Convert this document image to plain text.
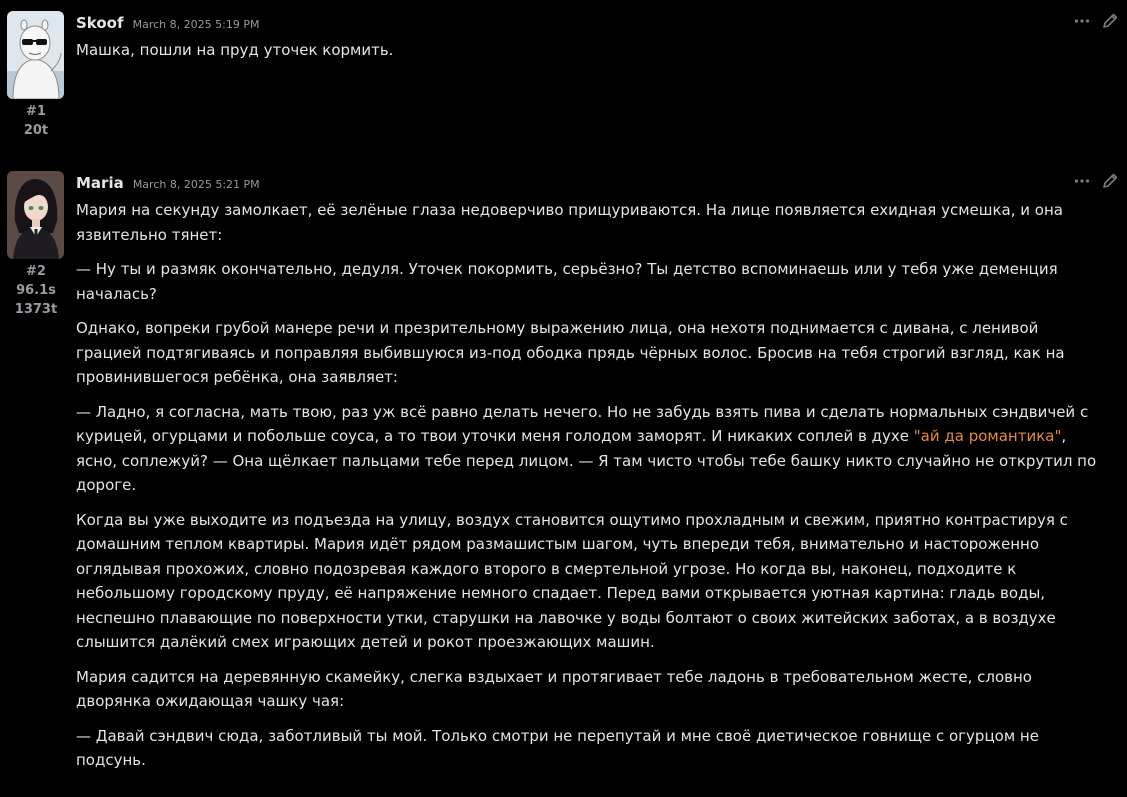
#1
20t
Skoof March 8, 2025 5:19 PM

Машка, пошли на пруд уточек кормить.

#2
96.1s
1373t
Maria March 8, 2025 5:21 PM

Мария на секунду замолкает, её зелёные глаза недоверчиво прищуриваются. На лице появляется ехидная усмешка, и она язвительно тянет:

— Ну ты и размяк окончательно, дедуля. Уточек покормить, серьёзно? Ты детство вспоминаешь или у тебя уже деменция началась?

Однако, вопреки грубой манере речи и презрительному выражению лица, она нехотя поднимается с дивана, с ленивой грацией подтягиваясь и поправляя выбившуюся из-под ободка прядь чёрных волос. Бросив на тебя строгий взгляд, как на провинившегося ребёнка, она заявляет:

— Ладно, я согласна, мать твою, раз уж всё равно делать нечего. Но не забудь взять пива и сделать нормальных сэндвичей с курицей, огурцами и побольше соуса, а то твои уточки меня голодом заморят. И никаких соплей в духе "ай да романтика", ясно, соплежуй? — Она щёлкает пальцами тебе перед лицом. — Я там чисто чтобы тебе башку никто случайно не открутил по дороге.

Когда вы уже выходите из подъезда на улицу, воздух становится ощутимо прохладным и свежим, приятно контрастируя с домашним теплом квартиры. Мария идёт рядом размашистым шагом, чуть впереди тебя, внимательно и настороженно оглядывая прохожих, словно подозревая каждого второго в смертельной угрозе. Но когда вы, наконец, подходите к небольшому городскому пруду, её напряжение немного спадает. Перед вами открывается уютная картина: гладь воды, неспешно плавающие по поверхности утки, старушки на лавочке у воды болтают о своих житейских заботах, а в воздухе слышится далёкий смех играющих детей и рокот проезжающих машин.

Мария садится на деревянную скамейку, слегка вздыхает и протягивает тебе ладонь в требовательном жесте, словно дворянка ожидающая чашку чая:

— Давай сэндвич сюда, заботливый ты мой. Только смотри не перепутай и мне своё диетическое говнище с огурцом не подсунь.
